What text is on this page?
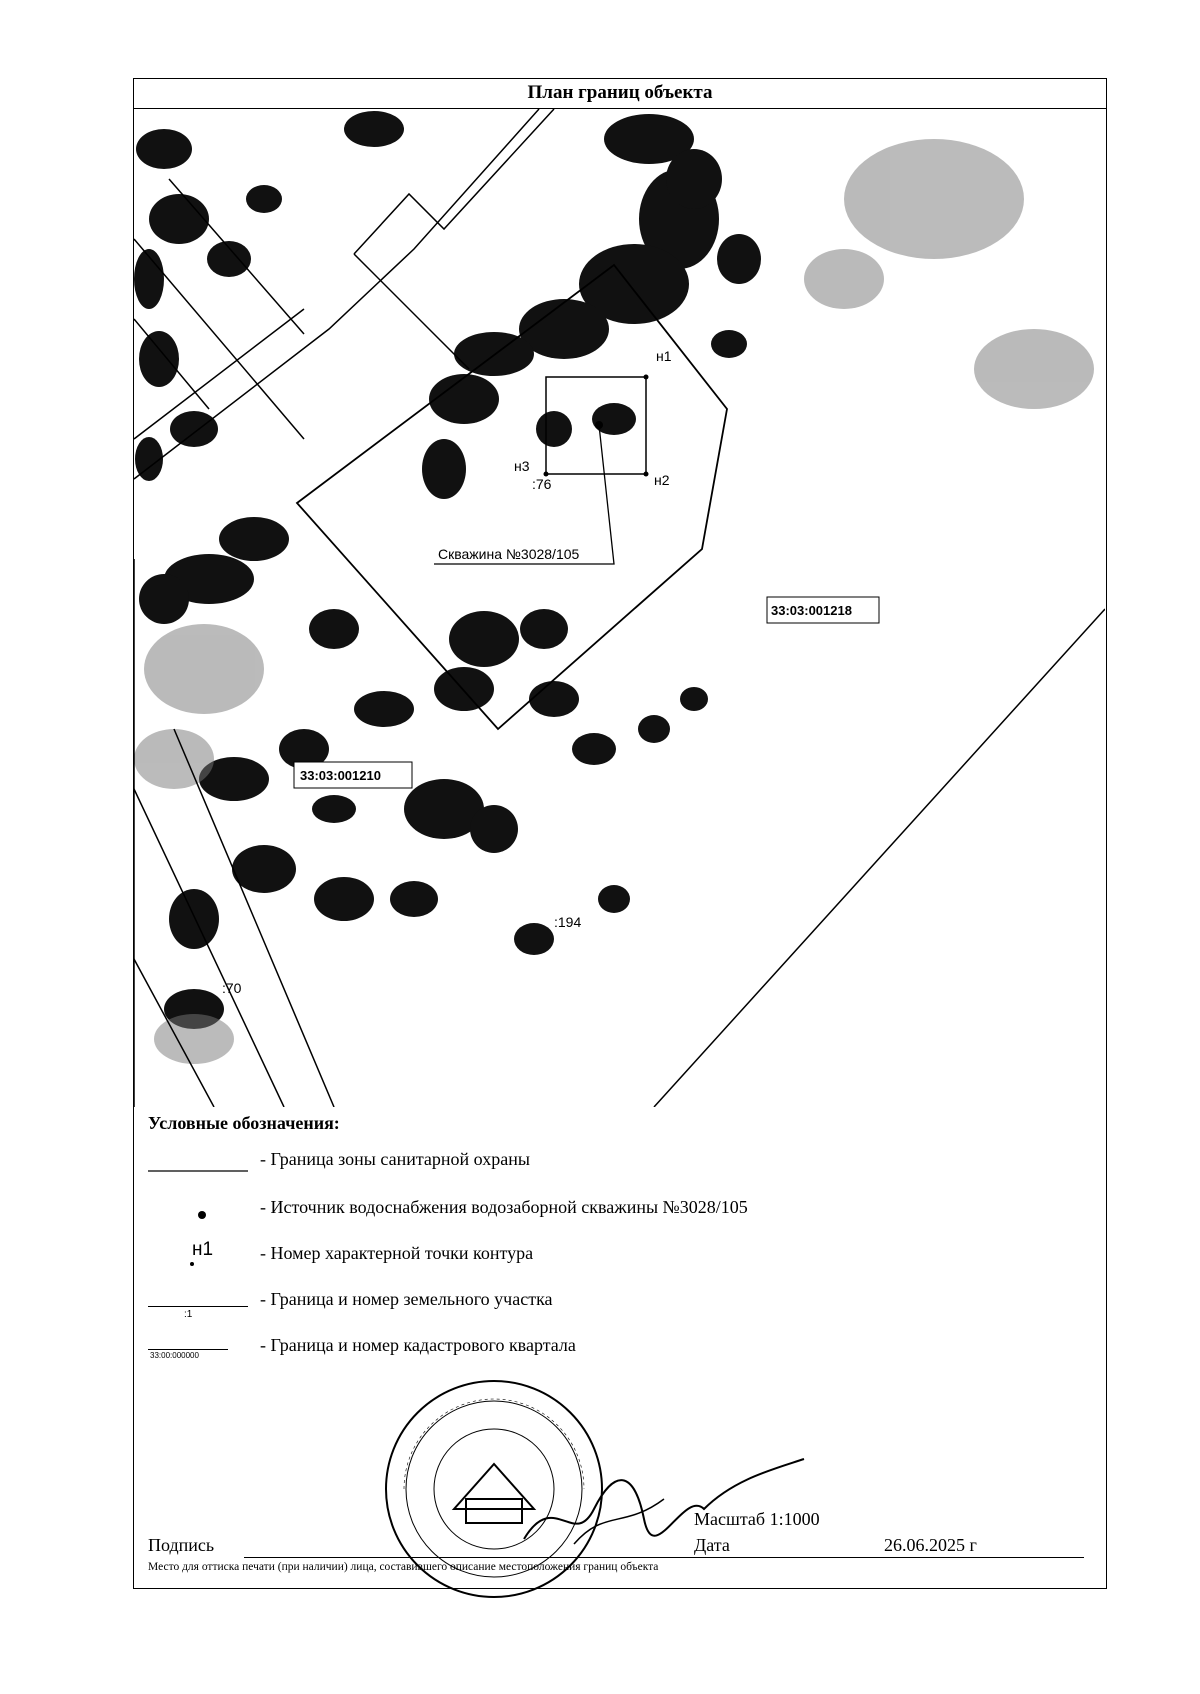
План границ объекта
н1
н2
н3
:76
:70
:194
Скважина №3028/105
33:03:001218
33:03:001210
Условные обозначения:
- Граница зоны санитарной охраны
- Источник водоснабжения водозаборной скважины №3028/105
н1	- Номер характерной точки контура
:1
- Граница и номер земельного участка
33:00:000000
- Граница и номер кадастрового квартала
Подпись
Масштаб 1:1000
Дата	26.06.2025 г
Место для оттиска печати (при наличии) лица, составившего описание местоположения границ объекта
